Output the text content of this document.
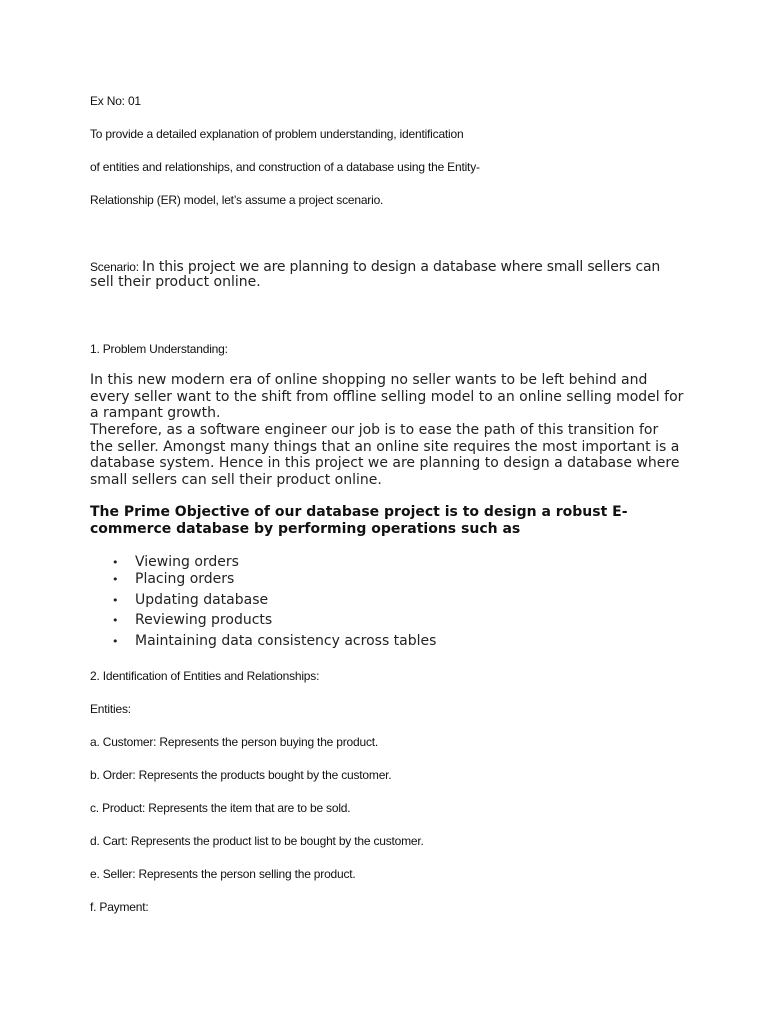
Ex No: 01

To provide a detailed explanation of problem understanding, identification

of entities and relationships, and construction of a database using the Entity-

Relationship (ER) model, let’s assume a project scenario.

Scenario: In this project we are planning to design a database where small sellers can

sell their product online.

1. Problem Understanding:

In this new modern era of online shopping no seller wants to be left behind and
every seller want to the shift from offline selling model to an online selling model for
a rampant growth.
Therefore, as a software engineer our job is to ease the path of this transition for
the seller. Amongst many things that an online site requires the most important is a
database system. Hence in this project we are planning to design a database where
small sellers can sell their product online.
The Prime Objective of our database project is to design a robust E-
commerce database by performing operations such as
• Viewing orders
• Placing orders
• Updating database
• Reviewing products
• Maintaining data consistency across tables

2. Identification of Entities and Relationships:

Entities:

a. Customer: Represents the person buying the product.

b. Order: Represents the products bought by the customer.

c. Product: Represents the item that are to be sold.

d. Cart: Represents the product list to be bought by the customer.

e. Seller: Represents the person selling the product.

f. Payment:
